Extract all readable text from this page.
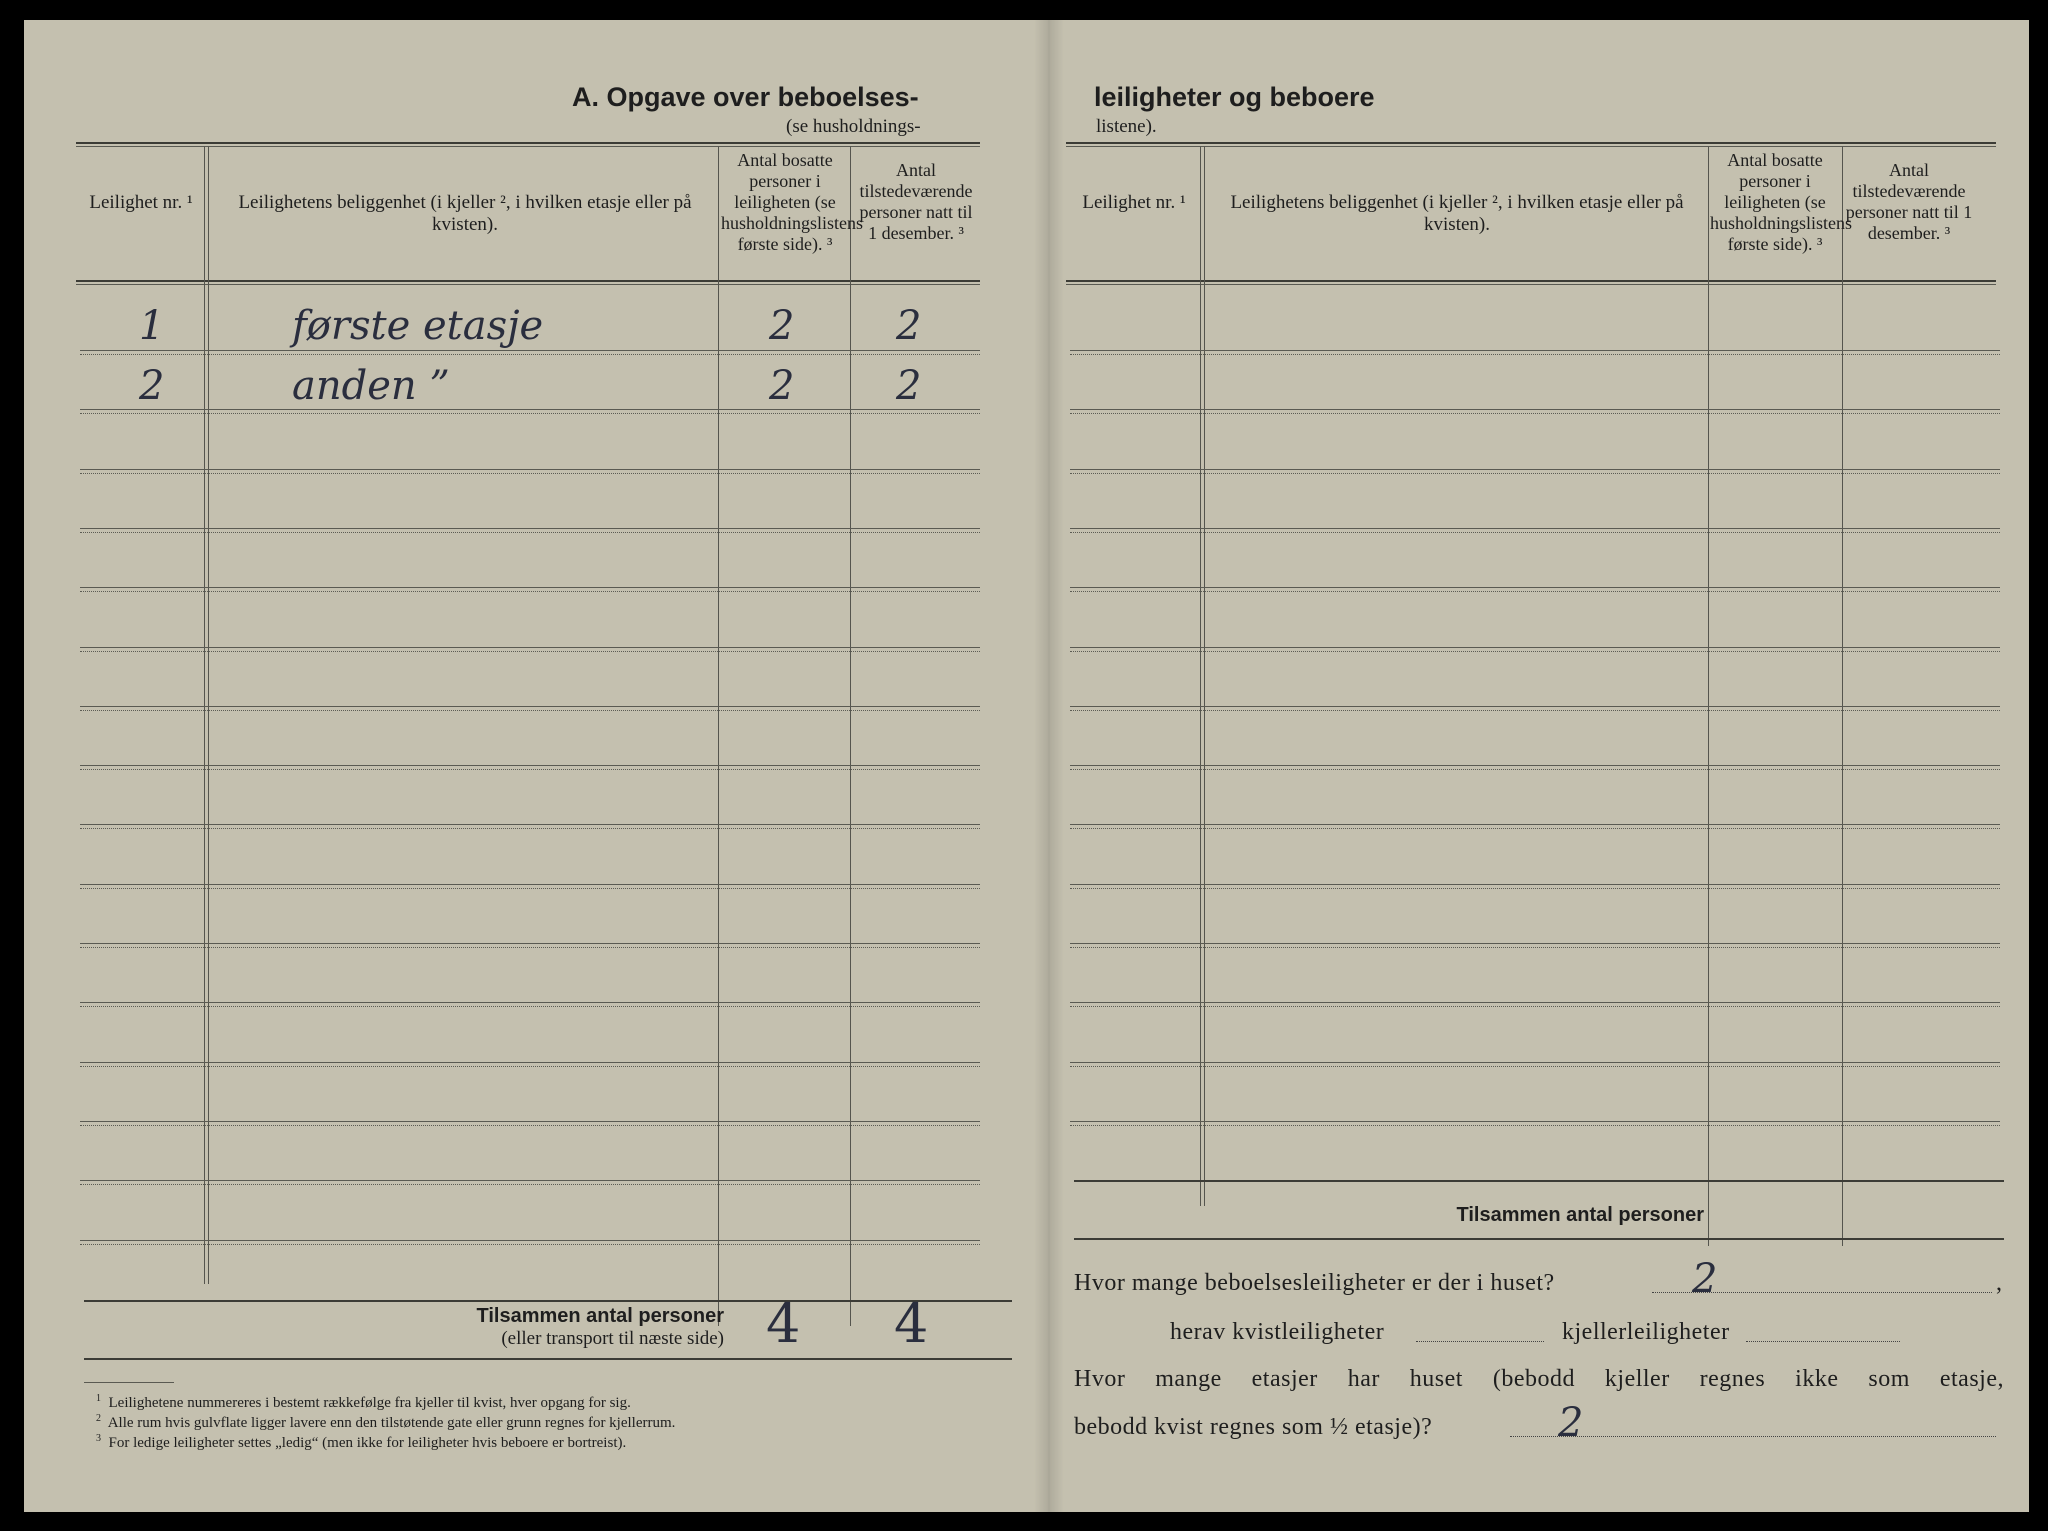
A. Opgave over beboelses-
(se husholdnings-
leiligheter og beboere
listene).
Leilighet nr. ¹	Leilighetens beliggenhet (i kjeller ², i hvilken etasje eller på kvisten).
Antal bosatte personer i leiligheten (se husholdningslistens første side). ³
Antal tilstedeværende personer natt til 1 desember. ³
1	første etasje	2	2
2	anden ”	2	2
Tilsammen antal personer
(eller transport til næste side) 4 4
$^1$ Leilighetene nummereres i bestemt rækkefølge fra kjeller til kvist, hver opgang for sig.
$^2$ Alle rum hvis gulvflate ligger lavere enn den tilstøtende gate eller grunn regnes for kjellerrum.
$^3$ For ledige leiligheter settes „ledig“ (men ikke for leiligheter hvis beboere er bortreist).
Leilighet nr. ¹	Leilighetens beliggenhet (i kjeller ², i hvilken etasje eller på kvisten).
Antal bosatte personer i leiligheten (se husholdningslistens første side). ³
Antal tilstedeværende personer natt til 1 desember. ³
Tilsammen antal personer
Hvor mange beboelsesleiligheter er der i huset?	2	,
herav kvistleiligheter	kjellerleiligheter
Hvor mange etasjer har huset (bebodd kjeller regnes ikke som etasje,
bebodd kvist regnes som ½ etasje)?	2
